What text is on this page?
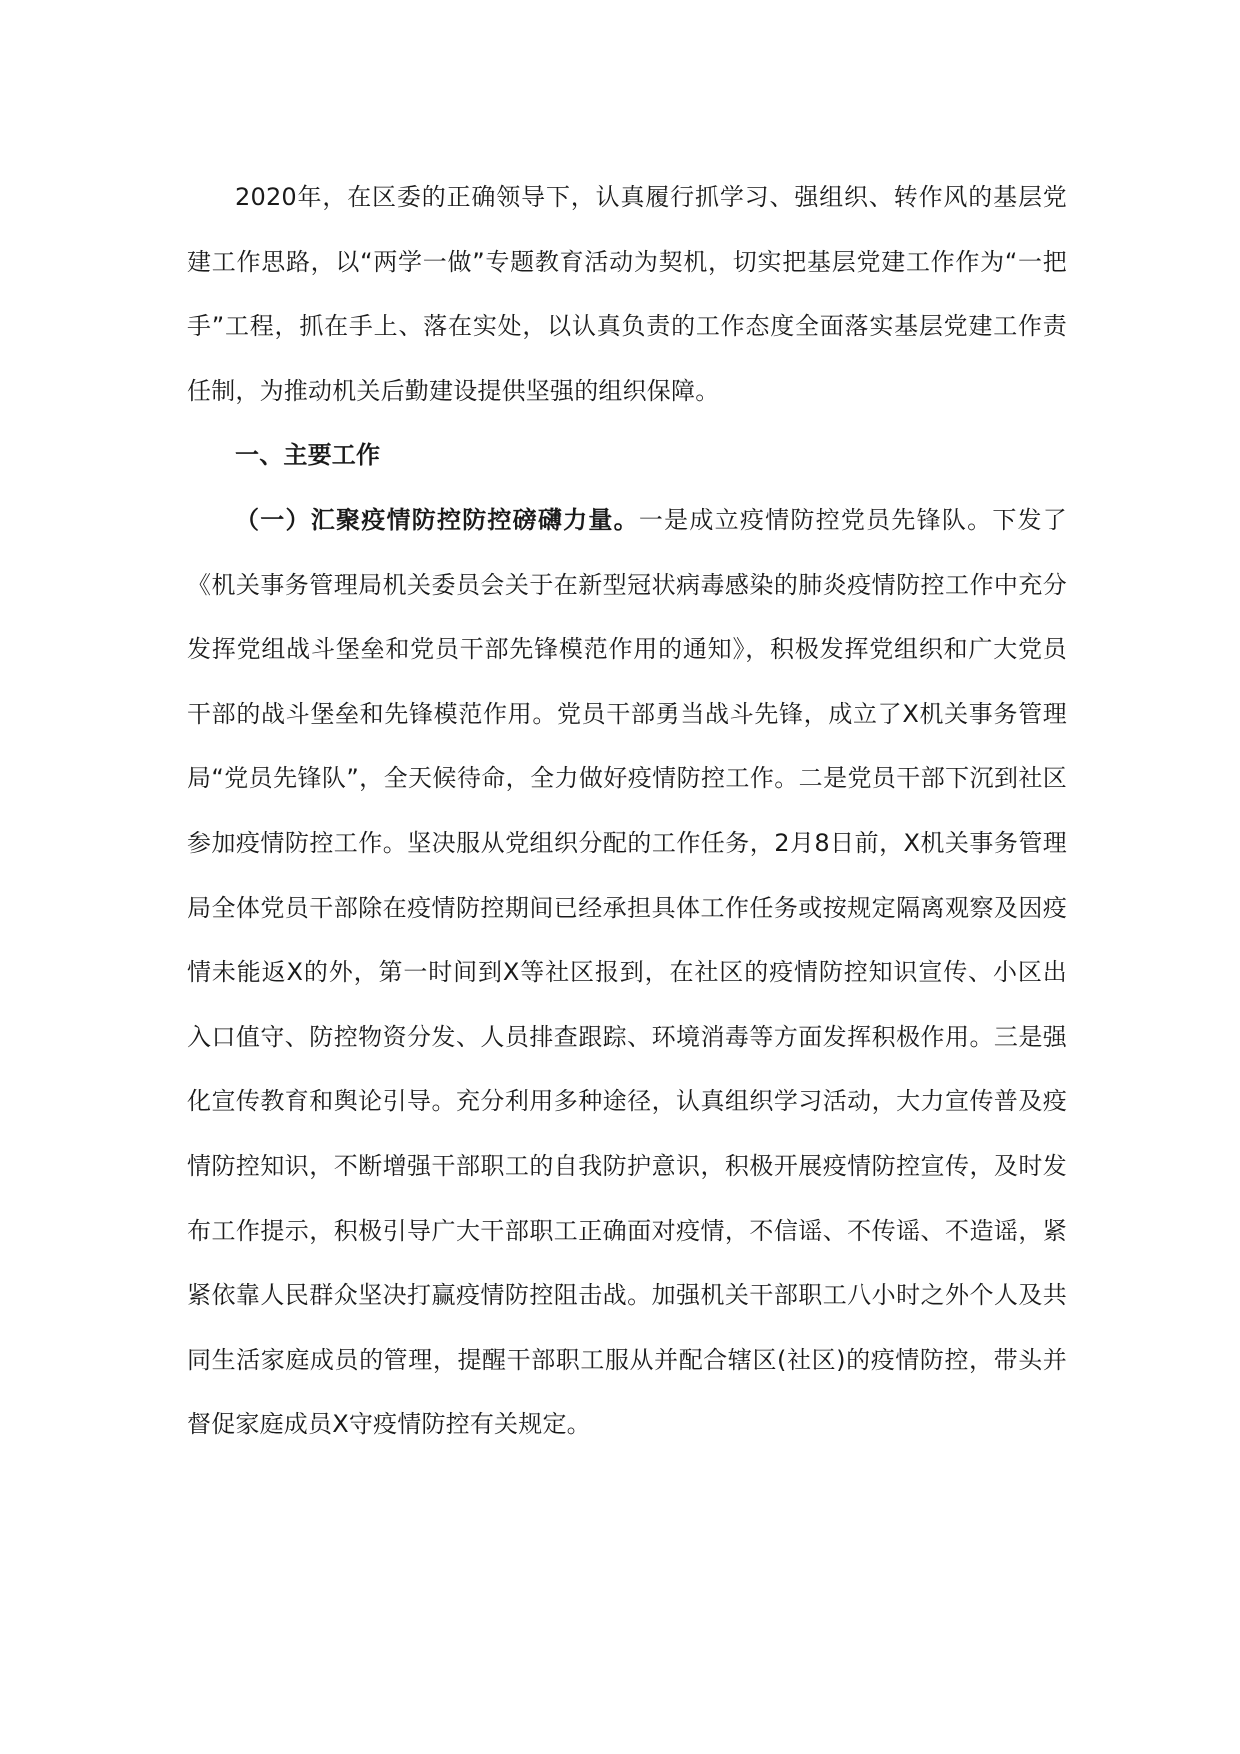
2020年，在区委的正确领导下，认真履行抓学习、强组织、转作风的基层党建工作思路，以“两学一做”专题教育活动为契机，切实把基层党建工作作为“一把手”工程，抓在手上、落在实处，以认真负责的工作态度全面落实基层党建工作责任制，为推动机关后勤建设提供坚强的组织保障。

一、主要工作

（一）汇聚疫情防控防控磅礴力量。一是成立疫情防控党员先锋队。下发了《机关事务管理局机关委员会关于在新型冠状病毒感染的肺炎疫情防控工作中充分发挥党组战斗堡垒和党员干部先锋模范作用的通知》，积极发挥党组织和广大党员干部的战斗堡垒和先锋模范作用。党员干部勇当战斗先锋，成立了X机关事务管理局“党员先锋队”，全天候待命，全力做好疫情防控工作。二是党员干部下沉到社区参加疫情防控工作。坚决服从党组织分配的工作任务，2月8日前，X机关事务管理局全体党员干部除在疫情防控期间已经承担具体工作任务或按规定隔离观察及因疫情未能返X的外，第一时间到X等社区报到，在社区的疫情防控知识宣传、小区出入口值守、防控物资分发、人员排查跟踪、环境消毒等方面发挥积极作用。三是强化宣传教育和舆论引导。充分利用多种途径，认真组织学习活动，大力宣传普及疫情防控知识，不断增强干部职工的自我防护意识，积极开展疫情防控宣传，及时发布工作提示，积极引导广大干部职工正确面对疫情，不信谣、不传谣、不造谣，紧紧依靠人民群众坚决打赢疫情防控阻击战。加强机关干部职工八小时之外个人及共同生活家庭成员的管理，提醒干部职工服从并配合辖区(社区)的疫情防控，带头并督促家庭成员X守疫情防控有关规定。
